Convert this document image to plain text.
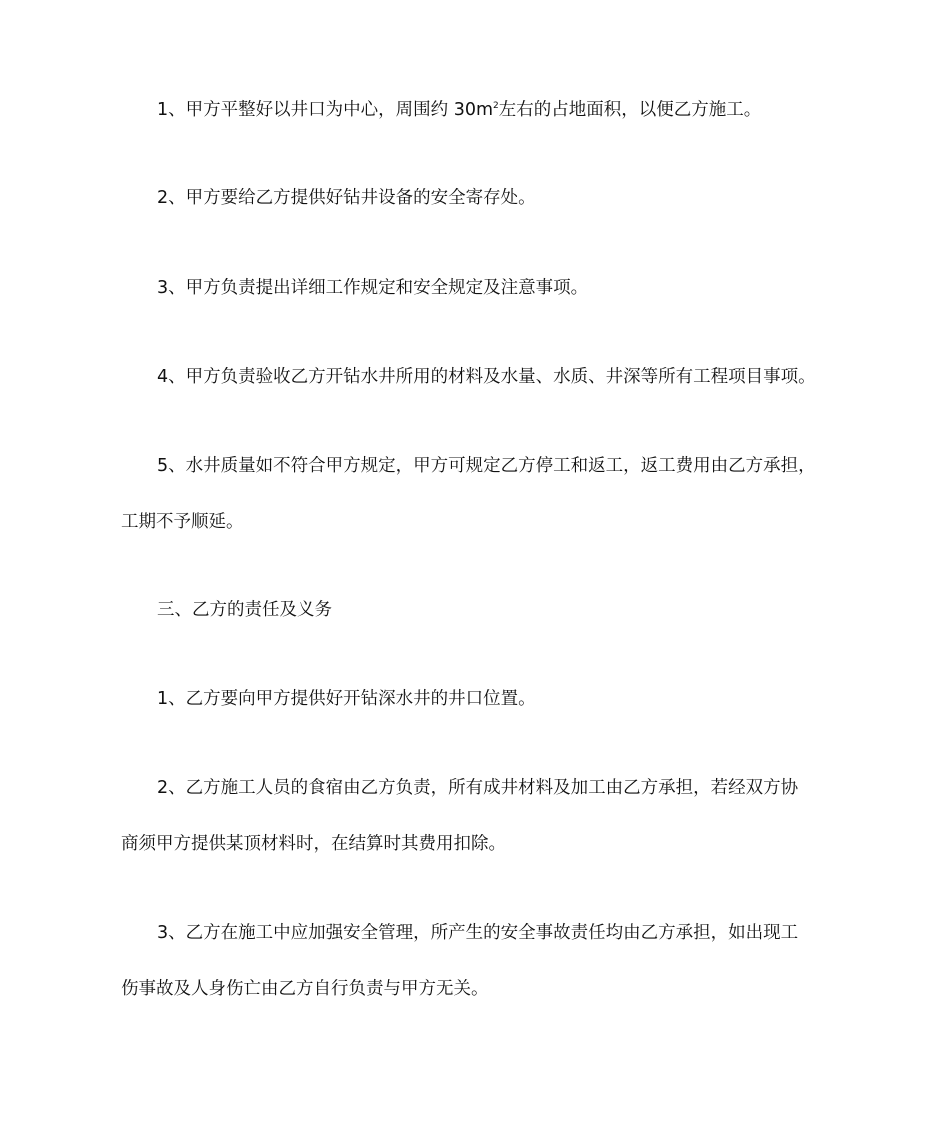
1、甲方平整好以井口为中心，周围约 $30m^2$左右的占地面积，以便乙方施工。

2、甲方要给乙方提供好钻井设备的安全寄存处。

3、甲方负责提出详细工作规定和安全规定及注意事项。

4、甲方负责验收乙方开钻水井所用的材料及水量、水质、井深等所有工程项目事项。

5、水井质量如不符合甲方规定，甲方可规定乙方停工和返工，返工费用由乙方承担，
工期不予顺延。

三、乙方的责任及义务

1、乙方要向甲方提供好开钻深水井的井口位置。

2、乙方施工人员的食宿由乙方负责，所有成井材料及加工由乙方承担，若经双方协
商须甲方提供某顶材料时，在结算时其费用扣除。

3、乙方在施工中应加强安全管理，所产生的安全事故责任均由乙方承担，如出现工
伤事故及人身伤亡由乙方自行负责与甲方无关。
